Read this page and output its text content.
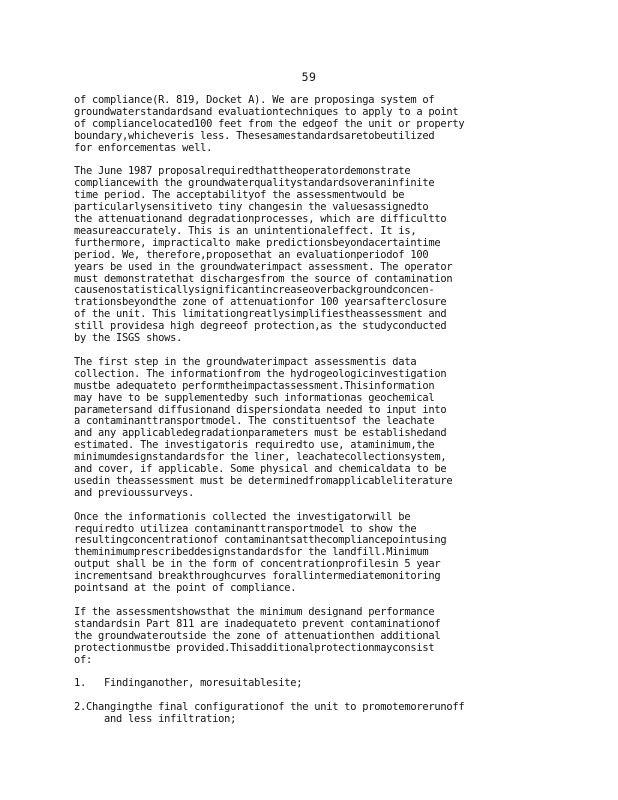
59
of compliance(R. 819, Docket A). We are proposinga system of
groundwaterstandardsand evaluationtechniques to apply to a point
of compliancelocated100 feet from the edgeof the unit or property
boundary,whicheveris less. Thesesamestandardsaretobeutilized
for enforcementas well.
The June 1987 proposalrequiredthattheoperatordemonstrate
compliancewith the groundwaterqualitystandardsoveraninfinite
time period. The acceptabilityof the assessmentwould be
particularlysensitiveto tiny changesin the valuesassignedto
the attenuationand degradationprocesses, which are difficultto
measureaccurately. This is an unintentionaleffect. It is,
furthermore, impracticalto make predictionsbeyondacertaintime
period. We, therefore,proposethat an evaluationperiodof 100
years be used in the groundwaterimpact assessment. The operator
must demonstratethat dischargesfrom the source of contamination
causenostatisticallysignificantincreaseoverbackgroundconcen-
trationsbeyondthe zone of attenuationfor 100 yearsafterclosure
of the unit. This limitationgreatlysimplifiestheassessment and
still providesa high degreeof protection,as the studyconducted
by the ISGS shows.
The first step in the groundwaterimpact assessmentis data
collection. The informationfrom the hydrogeologicinvestigation
mustbe adequateto performtheimpactassessment.Thisinformation
may have to be supplementedby such informationas geochemical
parametersand diffusionand dispersiondata needed to input into
a contaminanttransportmodel. The constituentsof the leachate
and any applicabledegradationparameters must be establishedand
estimated. The investigatoris requiredto use, ataminimum,the
minimumdesignstandardsfor the liner, leachatecollectionsystem,
and cover, if applicable. Some physical and chemicaldata to be
usedin theassessment must be determinedfromapplicableliterature
and previoussurveys.
Once the informationis collected the investigatorwill be
requiredto utilizea contaminanttransportmodel to show the
resultingconcentrationof contaminantsatthecompliancepointusing
theminimumprescribeddesignstandardsfor the landfill.Minimum
output shall be in the form of concentrationprofilesin 5 year
incrementsand breakthroughcurves forallintermediatemonitoring
pointsand at the point of compliance.
If the assessmentshowsthat the minimum designand performance
standardsin Part 811 are inadequateto prevent contaminationof
the groundwateroutside the zone of attenuationthen additional
protectionmustbe provided.Thisadditionalprotectionmayconsist
of:
1.   Findinganother, moresuitablesite;
2.Changingthe final configurationof the unit to promotemorerunoff
and less infiltration;
